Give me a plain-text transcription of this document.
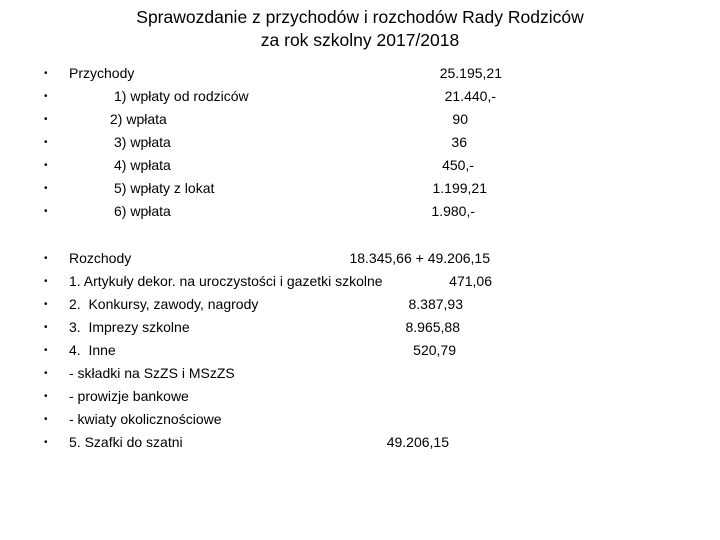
Sprawozdanie z przychodów i rozchodów Rady Rodziców
za rok szkolny 2017/2018
• Przychody	25.195,21
•	1) wpłaty od rodziców	21.440,-
•	2) wpłata	90
•	3) wpłata	36
•	4) wpłata	450,-
•	5) wpłaty z lokat	1.199,21
•	6) wpłata	1.980,-
• Rozchody	18.345,66 + 49.206,15
• 1. Artykuły dekor. na uroczystości i gazetki szkolne	471,06
• 2.  Konkursy, zawody, nagrody	8.387,93
• 3.  Imprezy szkolne	8.965,88
• 4.  Inne	520,79
• - składki na SzZS i MSzZS
• - prowizje bankowe
• - kwiaty okolicznościowe
• 5. Szafki do szatni	49.206,15
